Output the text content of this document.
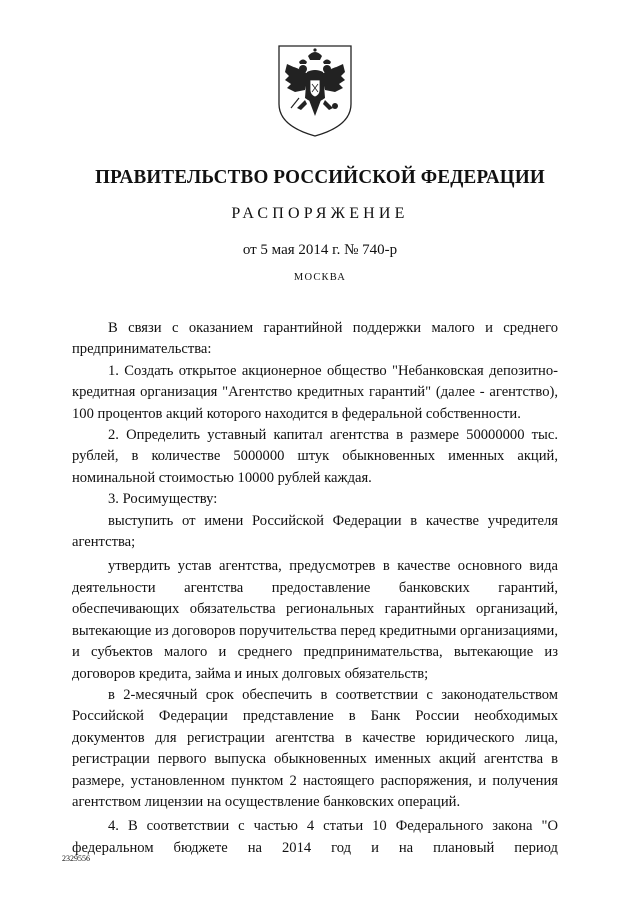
ПРАВИТЕЛЬСТВО РОССИЙСКОЙ ФЕДЕРАЦИИ
РАСПОРЯЖЕНИЕ
от 5 мая 2014 г. № 740-р
МОСКВА

В связи с оказанием гарантийной поддержки малого и среднего предпринимательства:

1. Создать открытое акционерное общество "Небанковская депозитно-кредитная организация "Агентство кредитных гарантий" (далее - агентство), 100 процентов акций которого находится в федеральной собственности.

2. Определить уставный капитал агентства в размере 50000000 тыс. рублей, в количестве 5000000 штук обыкновенных именных акций, номинальной стоимостью 10000 рублей каждая.

3. Росимуществу:

выступить от имени Российской Федерации в качестве учредителя агентства;

утвердить устав агентства, предусмотрев в качестве основного вида деятельности агентства предоставление банковских гарантий, обеспечивающих обязательства региональных гарантийных организаций, вытекающие из договоров поручительства перед кредитными организациями, и субъектов малого и среднего предпринимательства, вытекающие из договоров кредита, займа и иных долговых обязательств;

в 2-месячный срок обеспечить в соответствии с законодательством Российской Федерации представление в Банк России необходимых документов для регистрации агентства в качестве юридического лица, регистрации первого выпуска обыкновенных именных акций агентства в размере, установленном пунктом 2 настоящего распоряжения, и получения агентством лицензии на осуществление банковских операций.

4. В соответствии с частью 4 статьи 10 Федерального закона "О федеральном бюджете на 2014 год и на плановый период

2329556
